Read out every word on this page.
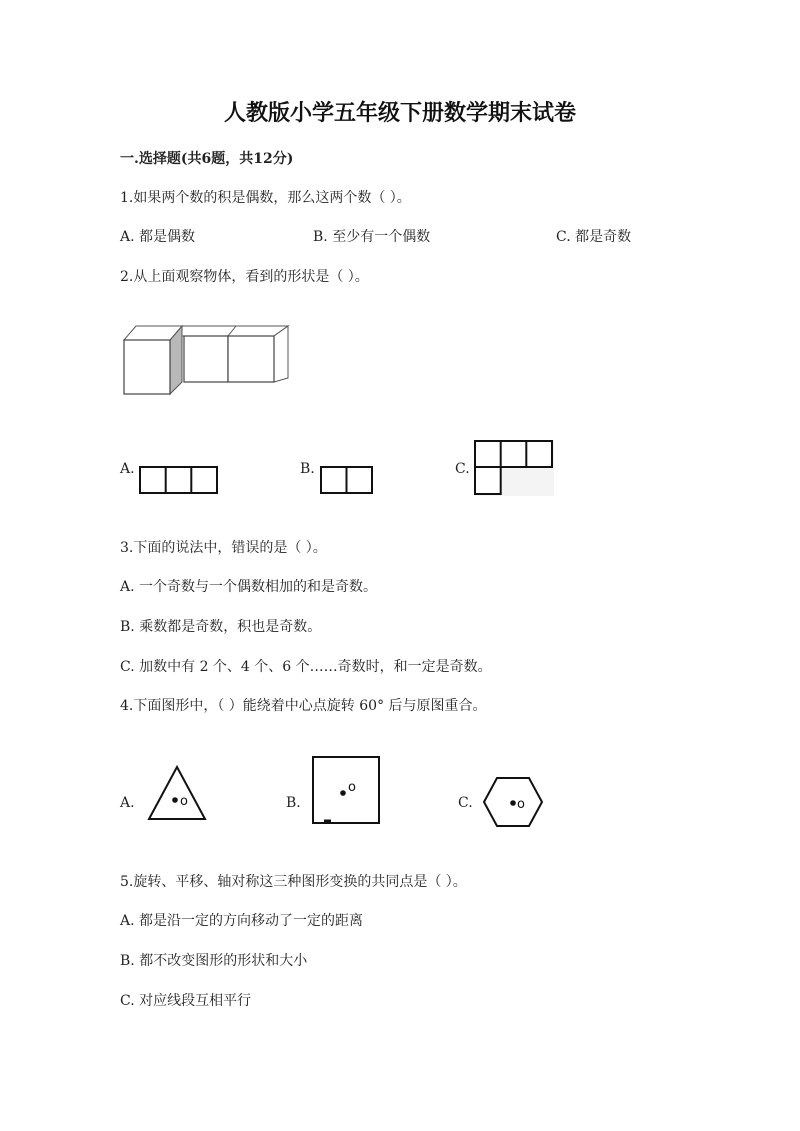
人教版小学五年级下册数学期末试卷
一.选择题(共6题，共12分)
1.如果两个数的积是偶数，那么这两个数（ ）。
A. 都是偶数	B. 至少有一个偶数	C. 都是奇数
2.从上面观察物体，看到的形状是（ ）。
A.	B.	C.
3.下面的说法中，错误的是（ ）。
A. 一个奇数与一个偶数相加的和是奇数。
B. 乘数都是奇数，积也是奇数。
C. 加数中有 2 个、4 个、6 个……奇数时，和一定是奇数。
4.下面图形中，（ ）能绕着中心点旋转 60° 后与原图重合。
A.	o	B.
o
C.	o
5.旋转、平移、轴对称这三种图形变换的共同点是（ ）。
A. 都是沿一定的方向移动了一定的距离
B. 都不改变图形的形状和大小
C. 对应线段互相平行
